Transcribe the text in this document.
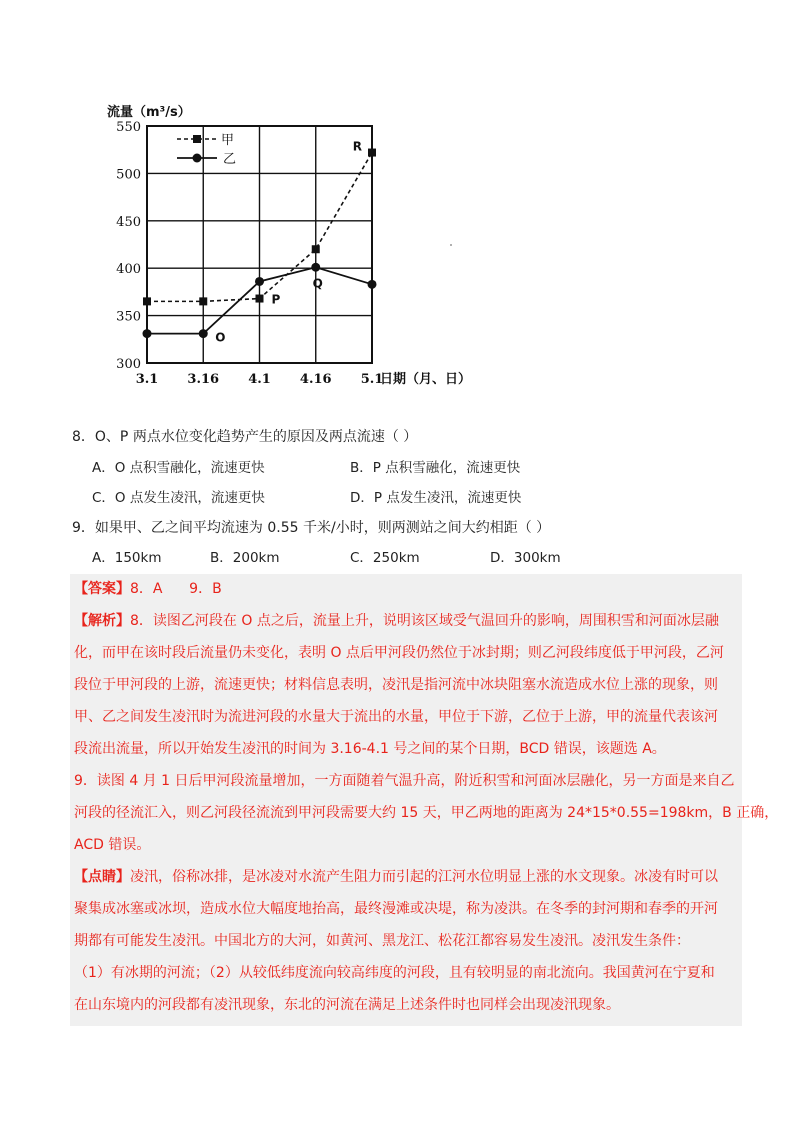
550
500
450
400
350
300
3.1 3.16 4.1 4.16 5.1
流量（m³/s）
日期（月、日）
O
P
Q
R
甲
乙
8．O、P 两点水位变化趋势产生的原因及两点流速（ ）
A．O 点积雪融化，流速更快	B．P 点积雪融化，流速更快
C．O 点发生凌汛，流速更快	D．P 点发生凌汛，流速更快
9．如果甲、乙之间平均流速为 0.55 千米/小时，则两测站之间大约相距（ ）
A．150km	B．200km	C．250km	D．300km
【答案】8．A      9．B
【解析】8．读图乙河段在 O 点之后，流量上升，说明该区域受气温回升的影响，周围积雪和河面冰层融
化，而甲在该时段后流量仍未变化，表明 O 点后甲河段仍然位于冰封期；则乙河段纬度低于甲河段，乙河
段位于甲河段的上游，流速更快；材料信息表明，凌汛是指河流中冰块阻塞水流造成水位上涨的现象，则
甲、乙之间发生凌汛时为流进河段的水量大于流出的水量，甲位于下游，乙位于上游，甲的流量代表该河
段流出流量，所以开始发生凌汛的时间为 3.16-4.1 号之间的某个日期，BCD 错误，该题选 A。
9．读图 4 月 1 日后甲河段流量增加，一方面随着气温升高，附近积雪和河面冰层融化，另一方面是来自乙
河段的径流汇入，则乙河段径流流到甲河段需要大约 15 天，甲乙两地的距离为 24*15*0.55=198km，B 正确，
ACD 错误。
【点睛】凌汛，俗称冰排，是冰凌对水流产生阻力而引起的江河水位明显上涨的水文现象。冰凌有时可以
聚集成冰塞或冰坝，造成水位大幅度地抬高，最终漫滩或决堤，称为凌洪。在冬季的封河期和春季的开河
期都有可能发生凌汛。中国北方的大河，如黄河、黑龙江、松花江都容易发生凌汛。凌汛发生条件：
（1）有冰期的河流；（2）从较低纬度流向较高纬度的河段，且有较明显的南北流向。我国黄河在宁夏和
在山东境内的河段都有凌汛现象，东北的河流在满足上述条件时也同样会出现凌汛现象。
